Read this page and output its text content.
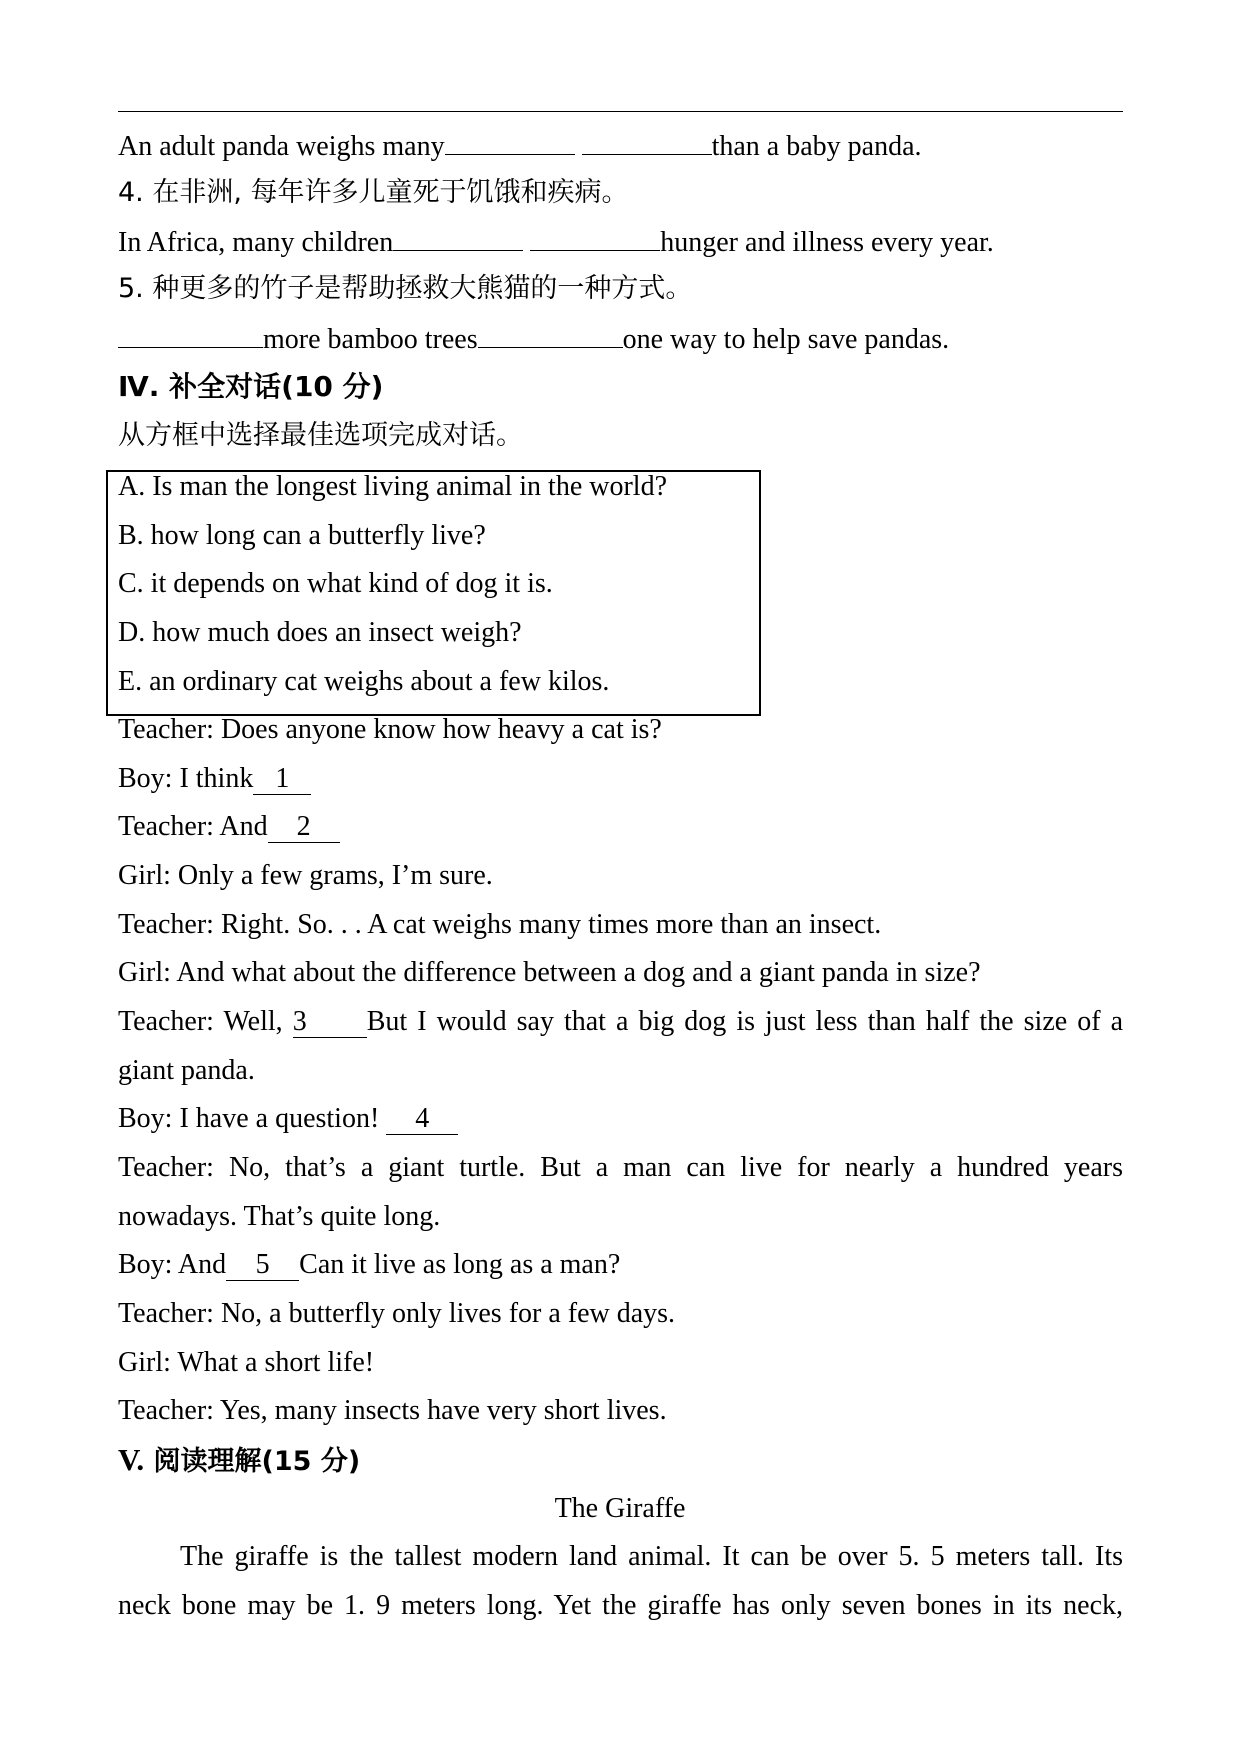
An adult panda weighs many	than a baby panda.
4. 在非洲, 每年许多儿童死于饥饿和疾病。
In Africa, many children	hunger and illness every year.
5. 种更多的竹子是帮助拯救大熊猫的一种方式。
more bamboo trees	one way to help save pandas.
Ⅳ. 补全对话(10 分)
从方框中选择最佳选项完成对话。
A. Is man the longest living animal in the world?
B. how long can a butterfly live?
C. it depends on what kind of dog it is.
D. how much does an insect weigh?
E. an ordinary cat weighs about a few kilos.
Teacher: Does anyone know how heavy a cat is?
Boy: I think 1
Teacher: And 2
Girl: Only a few grams, I’m sure.
Teacher: Right. So. . . A cat weighs many times more than an insect.
Girl: And what about the difference between a dog and a giant panda in size?
Teacher: Well, 3 But I would say that a big dog is just less than half the size of a
giant panda.
Boy: I have a question! 4
Teacher: No, that’s a giant turtle. But a man can live for nearly a hundred years
nowadays. That’s quite long.
Boy: And 5 Can it live as long as a man?
Teacher: No, a butterfly only lives for a few days.
Girl: What a short life!
Teacher: Yes, many insects have very short lives.
V. 阅读理解(15 分)
The Giraffe
The giraffe is the tallest modern land animal. It can be over 5. 5 meters tall. Its
neck bone may be 1. 9 meters long. Yet the giraffe has only seven bones in its neck,
